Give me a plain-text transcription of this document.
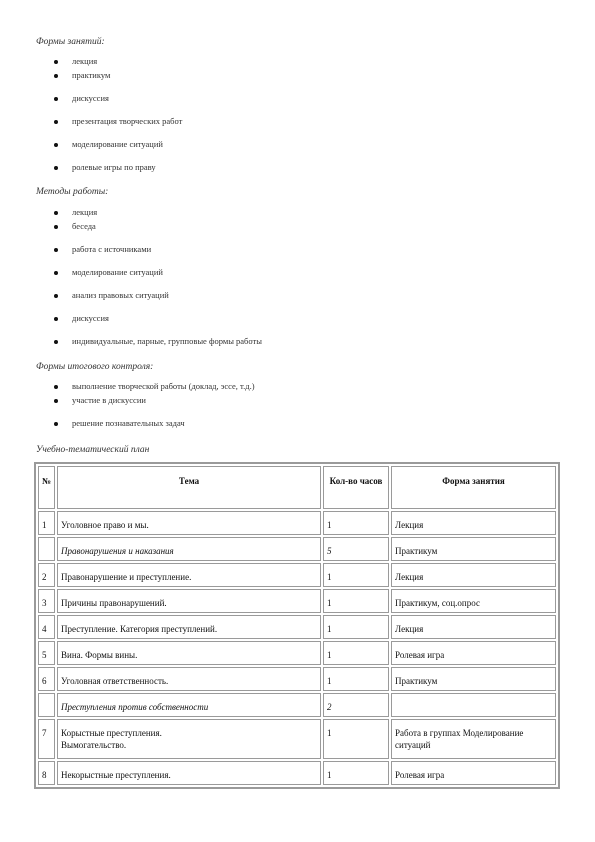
Формы занятий:
лекция
практикум
дискуссия
презентация творческих работ
моделирование ситуаций
ролевые игры по праву
Методы работы:
лекция
беседа
работа с источниками
моделирование ситуаций
анализ правовых ситуаций
дискуссия
индивидуальные, парные, групповые формы работы
Формы итогового контроля:
выполнение творческой работы (доклад, эссе, т.д.)
участие в дискуссии
решение познавательных задач
Учебно-тематический план
№	Тема	Кол-во часов	Форма занятия
1	Уголовное право и мы.	1	Лекция
	Правонарушения и наказания	5	Практикум
2	Правонарушение и преступление.	1	Лекция
3	Причины правонарушений.	1	Практикум, соц.опрос
4	Преступление. Категория преступлений.	1	Лекция
5	Вина. Формы вины.	1	Ролевая игра
6	Уголовная ответственность.	1	Практикум
	Преступления против собственности	2	
7	Корыстные преступления. Вымогательство.	1	Работа в группах Моделирование ситуаций
8	Некорыстные преступления.	1	Ролевая игра
